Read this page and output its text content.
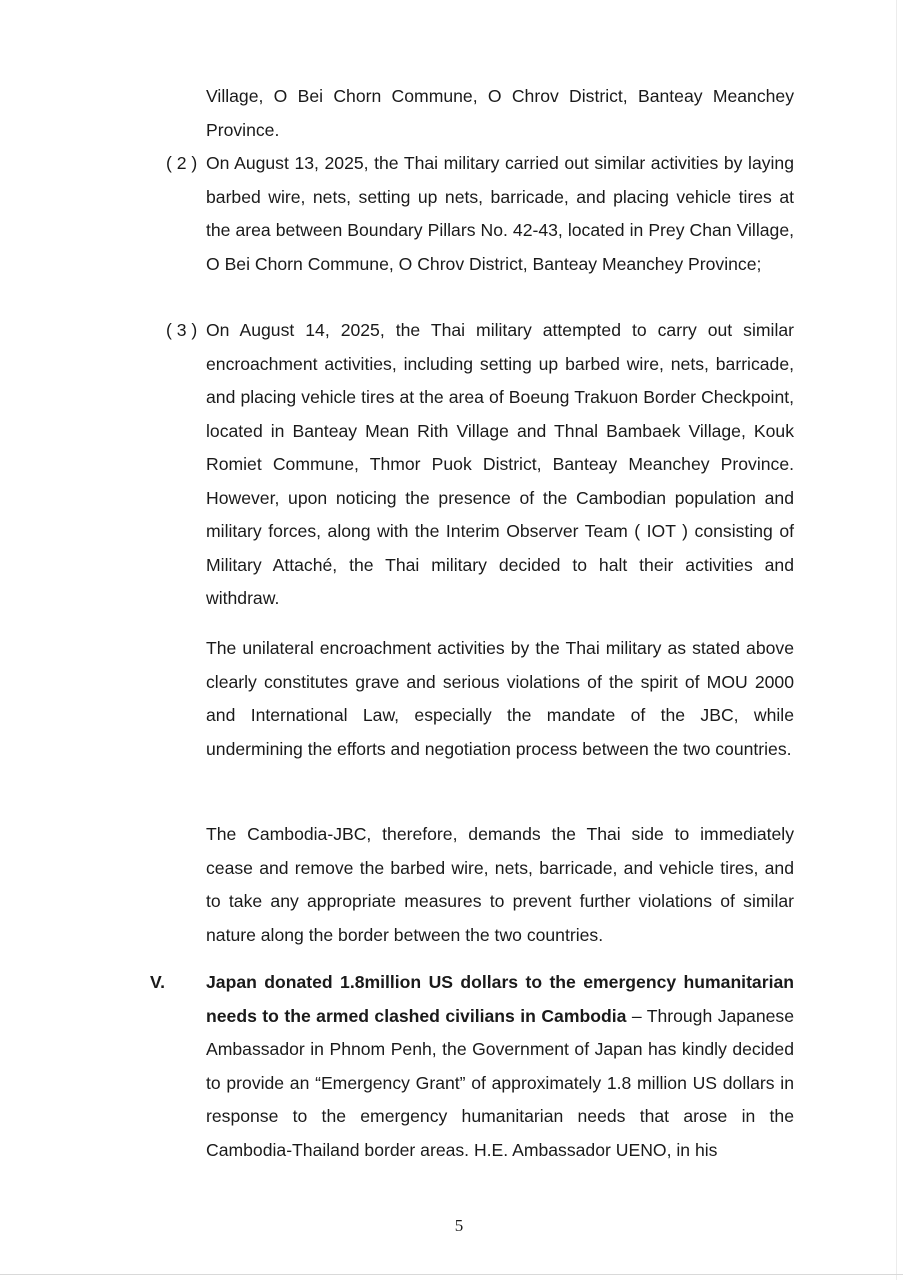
Village, O Bei Chorn Commune, O Chrov District, Banteay Meanchey Province.

( 2 ) On August 13, 2025, the Thai military carried out similar activities by laying barbed wire, nets, setting up nets, barricade, and placing vehicle tires at the area between Boundary Pillars No. 42-43, located in Prey Chan Village, O Bei Chorn Commune, O Chrov District, Banteay Meanchey Province;

( 3 ) On August 14, 2025, the Thai military attempted to carry out similar encroachment activities, including setting up barbed wire, nets, barricade, and placing vehicle tires at the area of Boeung Trakuon Border Checkpoint, located in Banteay Mean Rith Village and Thnal Bambaek Village, Kouk Romiet Commune, Thmor Puok District, Banteay Meanchey Province. However, upon noticing the presence of the Cambodian population and military forces, along with the Interim Observer Team ( IOT ) consisting of Military Attaché, the Thai military decided to halt their activities and withdraw.

The unilateral encroachment activities by the Thai military as stated above clearly constitutes grave and serious violations of the spirit of MOU 2000 and International Law, especially the mandate of the JBC, while undermining the efforts and negotiation process between the two countries.

The Cambodia-JBC, therefore, demands the Thai side to immediately cease and remove the barbed wire, nets, barricade, and vehicle tires, and to take any appropriate measures to prevent further violations of similar nature along the border between the two countries.

V. Japan donated 1.8million US dollars to the emergency humanitarian needs to the armed clashed civilians in Cambodia – Through Japanese Ambassador in Phnom Penh, the Government of Japan has kindly decided to provide an “Emergency Grant” of approximately 1.8 million US dollars in response to the emergency humanitarian needs that arose in the Cambodia-Thailand border areas. H.E. Ambassador UENO, in his

5
